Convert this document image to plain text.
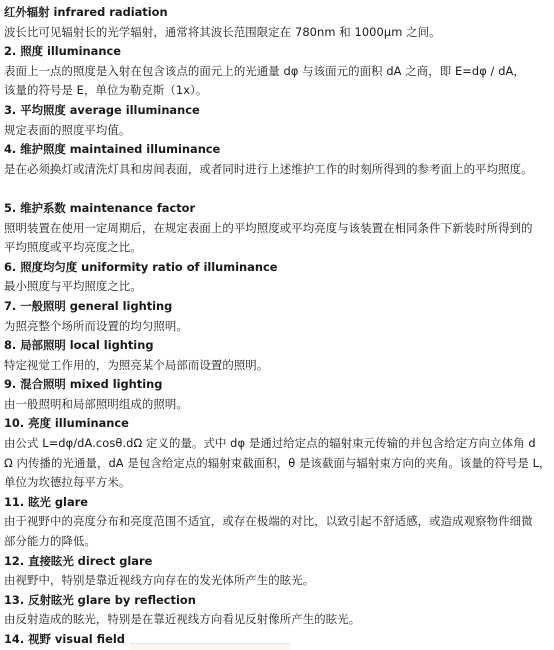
红外辐射 infrared radiation
波长比可见辐射长的光学辐射，通常将其波长范围限定在 780nm 和 1000μm 之间。
2. 照度 illuminance
表面上一点的照度是入射在包含该点的面元上的光通量 dφ 与该面元的面积 dA 之商，即 E=dφ / dA，
该量的符号是 E，单位为勒克斯（1x）。
3. 平均照度 average illuminance
规定表面的照度平均值。
4. 维护照度 maintained illuminance
是在必须换灯或清洗灯具和房间表面，或者同时进行上述维护工作的时刻所得到的参考面上的平均照度。
5. 维护系数 maintenance factor
照明装置在使用一定周期后，在规定表面上的平均照度或平均亮度与该装置在相同条件下新装时所得到的
平均照度或平均亮度之比。
6. 照度均匀度 uniformity ratio of illuminance
最小照度与平均照度之比。
7. 一般照明 general lighting
为照亮整个场所而设置的均匀照明。
8. 局部照明 local lighting
特定视觉工作用的，为照亮某个局部而设置的照明。
9. 混合照明 mixed lighting
由一般照明和局部照明组成的照明。
10. 亮度 illuminance
由公式 L=dφ/dA.cosθ.dΩ 定义的量。式中 dφ 是通过给定点的辐射束元传输的并包含给定方向立体角 d
Ω 内传播的光通量，dA 是包含给定点的辐射束截面积，θ 是该截面与辐射束方向的夹角。该量的符号是 L，
单位为坎德拉每平方米。
11. 眩光 glare
由于视野中的亮度分布和亮度范围不适宜，或存在极端的对比，以致引起不舒适感，或造成观察物件细微
部分能力的降低。
12. 直接眩光 direct glare
由视野中，特别是靠近视线方向存在的发光体所产生的眩光。
13. 反射眩光 glare by reflection
由反射造成的眩光，特别是在靠近视线方向看见反射像所产生的眩光。
14. 视野 visual field
